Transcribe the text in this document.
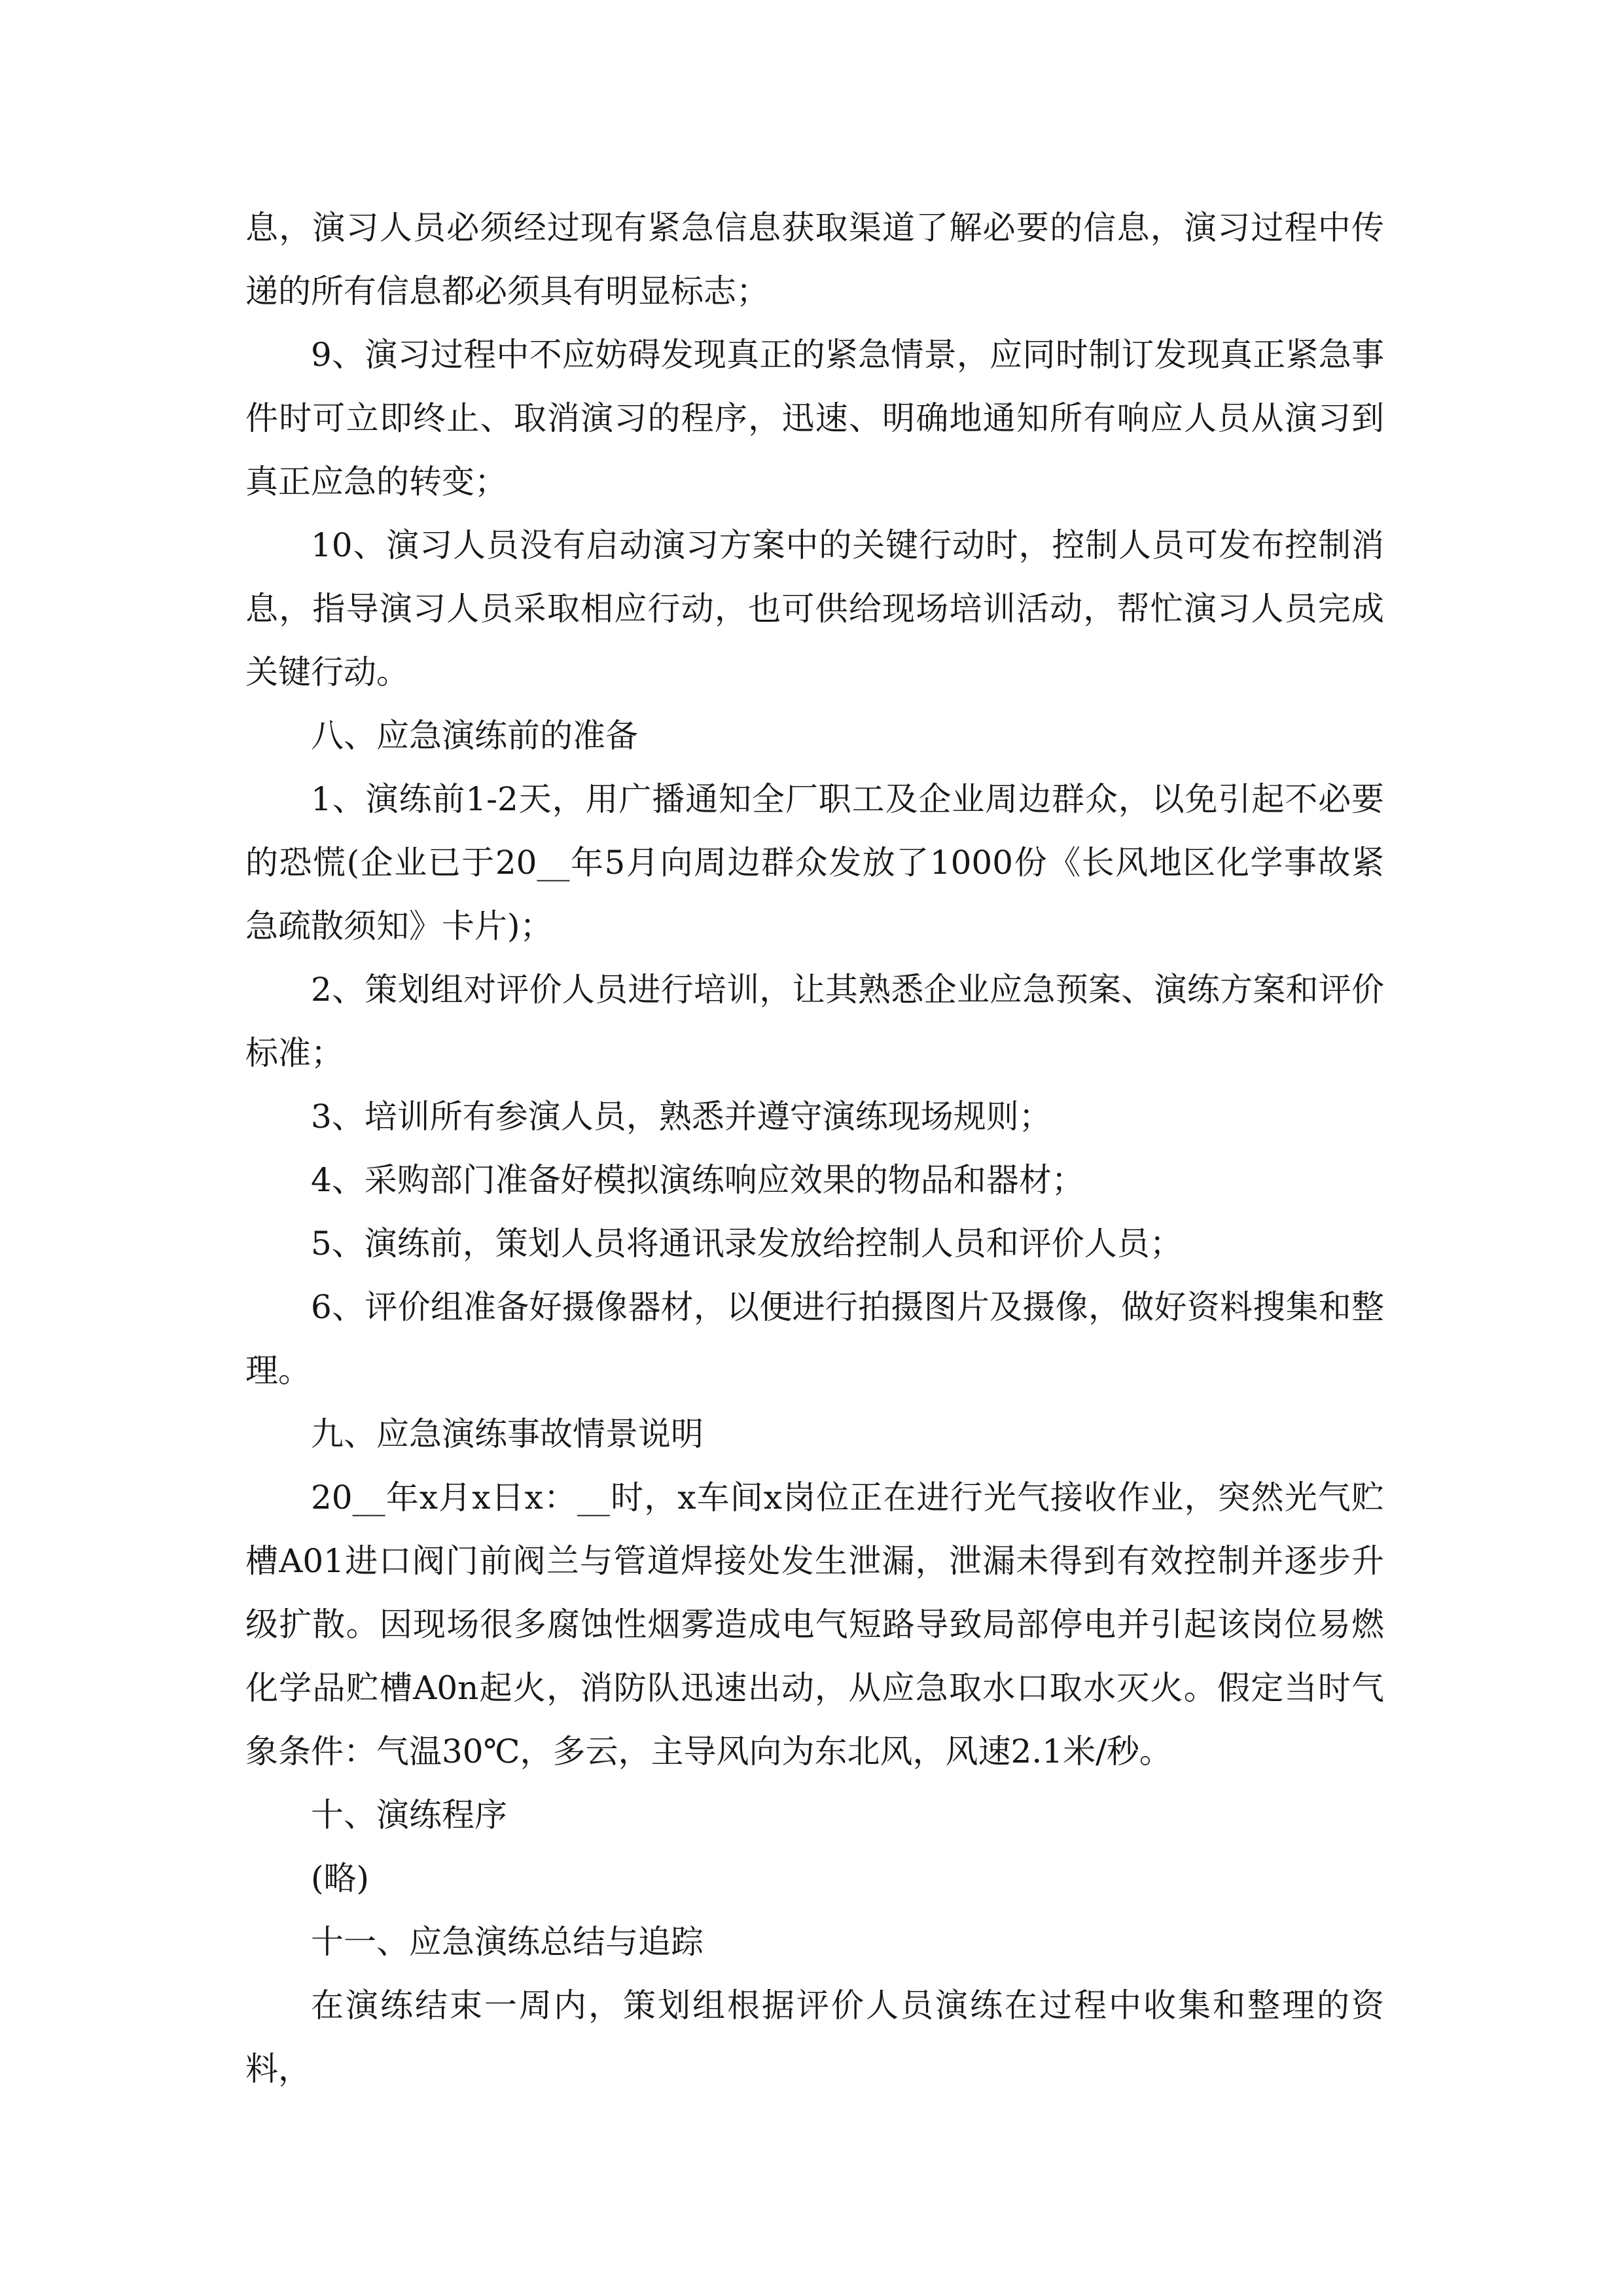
息，演习人员必须经过现有紧急信息获取渠道了解必要的信息，演习过程中传递的所有信息都必须具有明显标志；

9、演习过程中不应妨碍发现真正的紧急情景，应同时制订发现真正紧急事件时可立即终止、取消演习的程序，迅速、明确地通知所有响应人员从演习到真正应急的转变；

10、演习人员没有启动演习方案中的关键行动时，控制人员可发布控制消息，指导演习人员采取相应行动，也可供给现场培训活动，帮忙演习人员完成关键行动。

八、应急演练前的准备

1、演练前1-2天，用广播通知全厂职工及企业周边群众，以免引起不必要的恐慌(企业已于20__年5月向周边群众发放了1000份《长风地区化学事故紧急疏散须知》卡片)；

2、策划组对评价人员进行培训，让其熟悉企业应急预案、演练方案和评价标准；

3、培训所有参演人员，熟悉并遵守演练现场规则；

4、采购部门准备好模拟演练响应效果的物品和器材；

5、演练前，策划人员将通讯录发放给控制人员和评价人员；

6、评价组准备好摄像器材，以便进行拍摄图片及摄像，做好资料搜集和整理。

九、应急演练事故情景说明

20__年x月x日x：__时，x车间x岗位正在进行光气接收作业，突然光气贮槽A01进口阀门前阀兰与管道焊接处发生泄漏，泄漏未得到有效控制并逐步升级扩散。因现场很多腐蚀性烟雾造成电气短路导致局部停电并引起该岗位易燃化学品贮槽A0n起火，消防队迅速出动，从应急取水口取水灭火。假定当时气象条件：气温30℃，多云，主导风向为东北风，风速2.1米/秒。

十、演练程序

(略)

十一、应急演练总结与追踪

在演练结束一周内，策划组根据评价人员演练在过程中收集和整理的资料，
